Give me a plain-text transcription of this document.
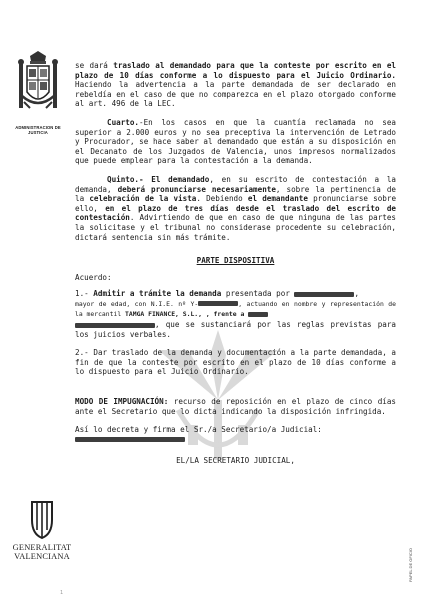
ADMINISTRACION DE JUSTICIA

se dará traslado al demandado para que la conteste por escrito en el plazo de 10 días conforme a lo dispuesto para el Juicio Ordinario. Haciendo la advertencia a la parte demandada de ser declarado en rebeldía en el caso de que no comparezca en el plazo otorgado conforme al art. 496 de la LEC.

Cuarto.-En los casos en que la cuantía reclamada no sea superior a 2.000 euros y no sea preceptiva la intervención de Letrado y Procurador, se hace saber al demandado que están a su disposición en el Decanato de los Juzgados de Valencia, unos impresos normalizados que puede emplear para la contestación a la demanda.

Quinto.- El demandado, en su escrito de contestación a la demanda, deberá pronunciarse necesariamente, sobre la pertinencia de la celebración de la vista. Debiendo el demandante pronunciarse sobre ello, en el plazo de tres días desde el traslado del escrito de contestación. Advirtiendo de que en caso de que ninguna de las partes la solicitase y el tribunal no considerase procedente su celebración, dictará sentencia sin más trámite.

PARTE DISPOSITIVA
Acuerdo:

1.- Admitir a trámite la demanda presentada por	,
mayor de edad, con N.I.E. nº Y-	, actuando en nombre y representación de la mercantil TAMGA FINANCE, S.L., , frente a
, que se sustanciará por las reglas previstas para los juicios verbales.

2.- Dar traslado de la demanda y documentación a la parte demandada, a fin de que la conteste por escrito en el plazo de 10 días conforme a lo dispuesto para el Juicio Ordinario.

MODO DE IMPUGNACIÓN: recurso de reposición en el plazo de cinco días ante el Secretario que lo dicta indicando la disposición infringida.

Así lo decreta y firma el Sr./a Secretario/a Judicial:

EL/LA SECRETARIO JUDICIAL,
GENERALITAT
VALENCIANA	PAPEL DE OFICIO
1
